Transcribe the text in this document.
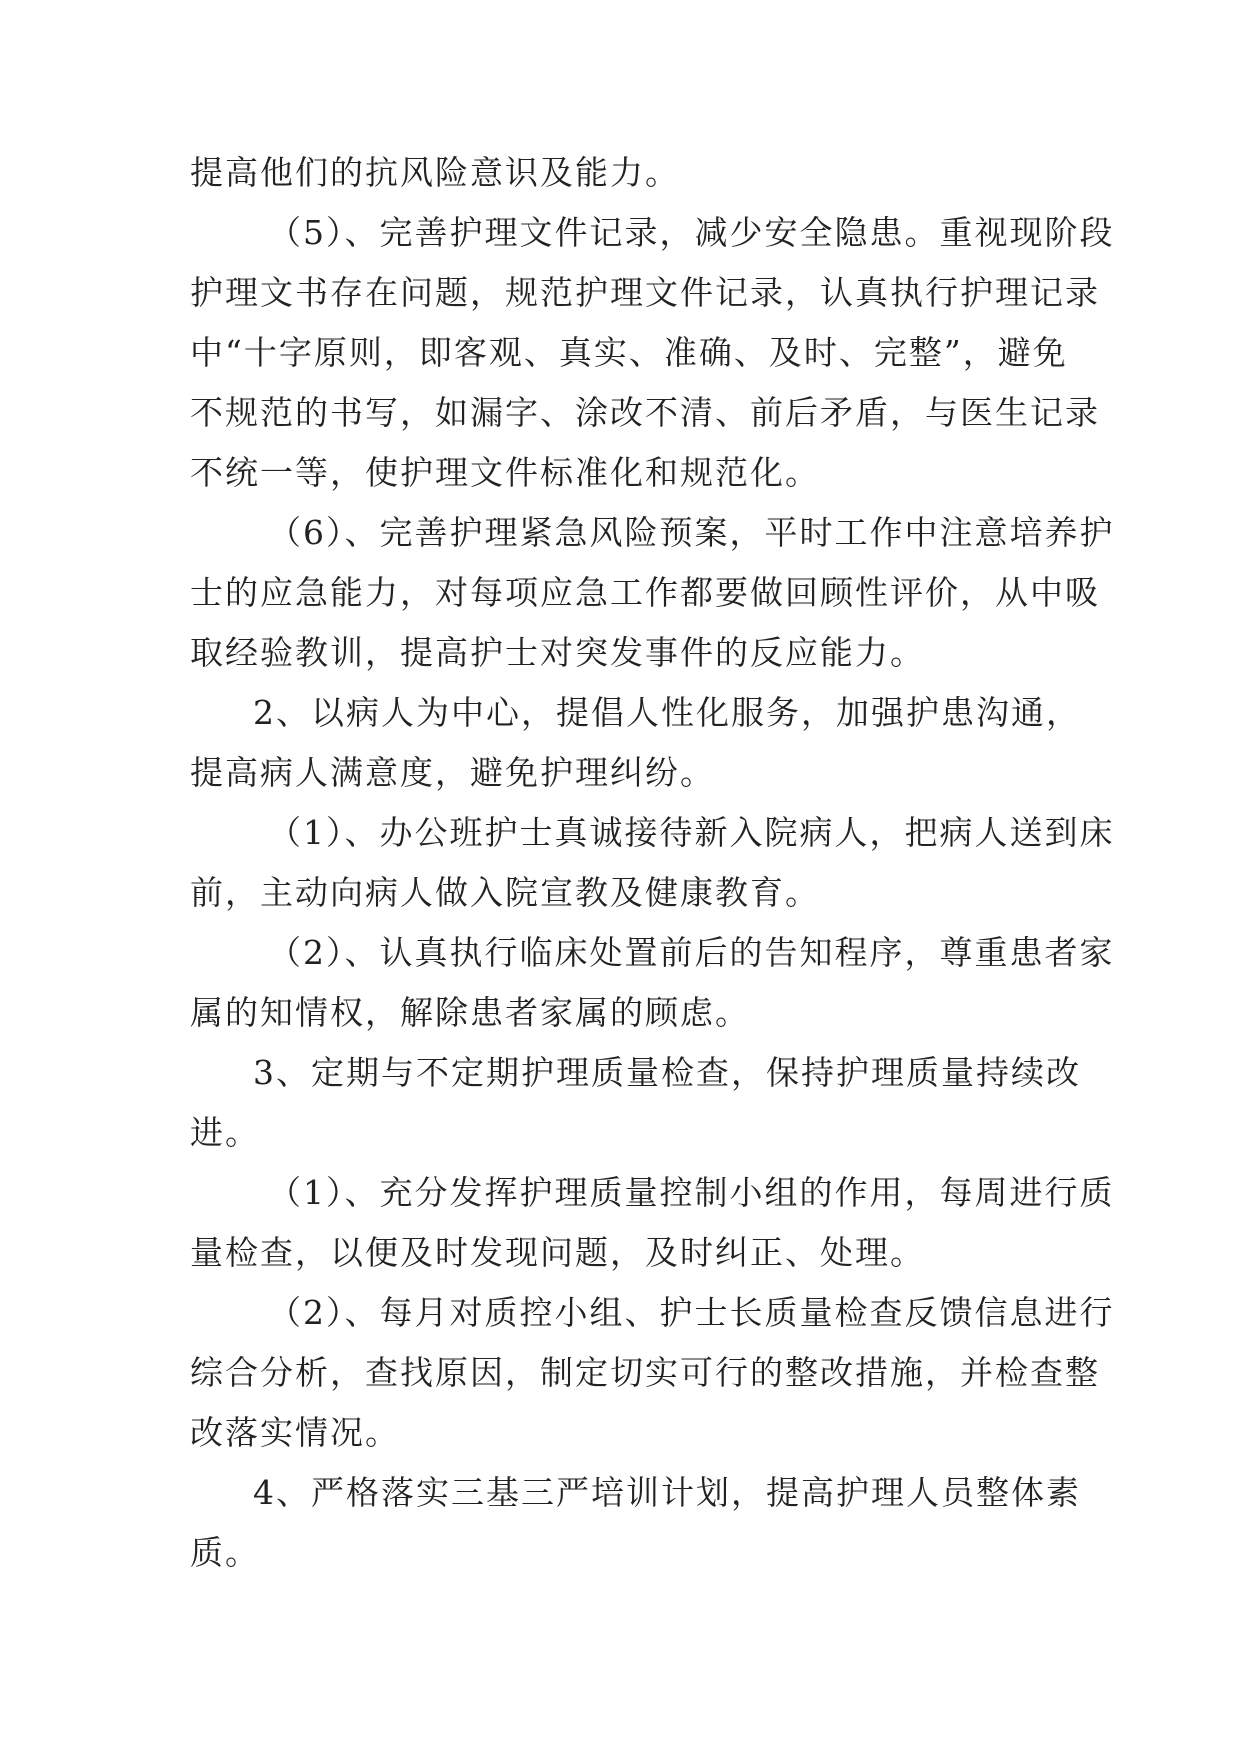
提高他们的抗风险意识及能力。
（5）、完善护理文件记录，减少安全隐患。重视现阶段
护理文书存在问题，规范护理文件记录，认真执行护理记录
中“十字原则，即客观、真实、准确、及时、完整”，避免
不规范的书写，如漏字、涂改不清、前后矛盾，与医生记录
不统一等，使护理文件标准化和规范化。
（6）、完善护理紧急风险预案，平时工作中注意培养护
士的应急能力，对每项应急工作都要做回顾性评价，从中吸
取经验教训，提高护士对突发事件的反应能力。
2、以病人为中心，提倡人性化服务，加强护患沟通，
提高病人满意度，避免护理纠纷。
（1）、办公班护士真诚接待新入院病人，把病人送到床
前，主动向病人做入院宣教及健康教育。
（2）、认真执行临床处置前后的告知程序，尊重患者家
属的知情权，解除患者家属的顾虑。
3、定期与不定期护理质量检查，保持护理质量持续改
进。
（1）、充分发挥护理质量控制小组的作用，每周进行质
量检查，以便及时发现问题，及时纠正、处理。
（2）、每月对质控小组、护士长质量检查反馈信息进行
综合分析，查找原因，制定切实可行的整改措施，并检查整
改落实情况。
4、严格落实三基三严培训计划，提高护理人员整体素
质。
